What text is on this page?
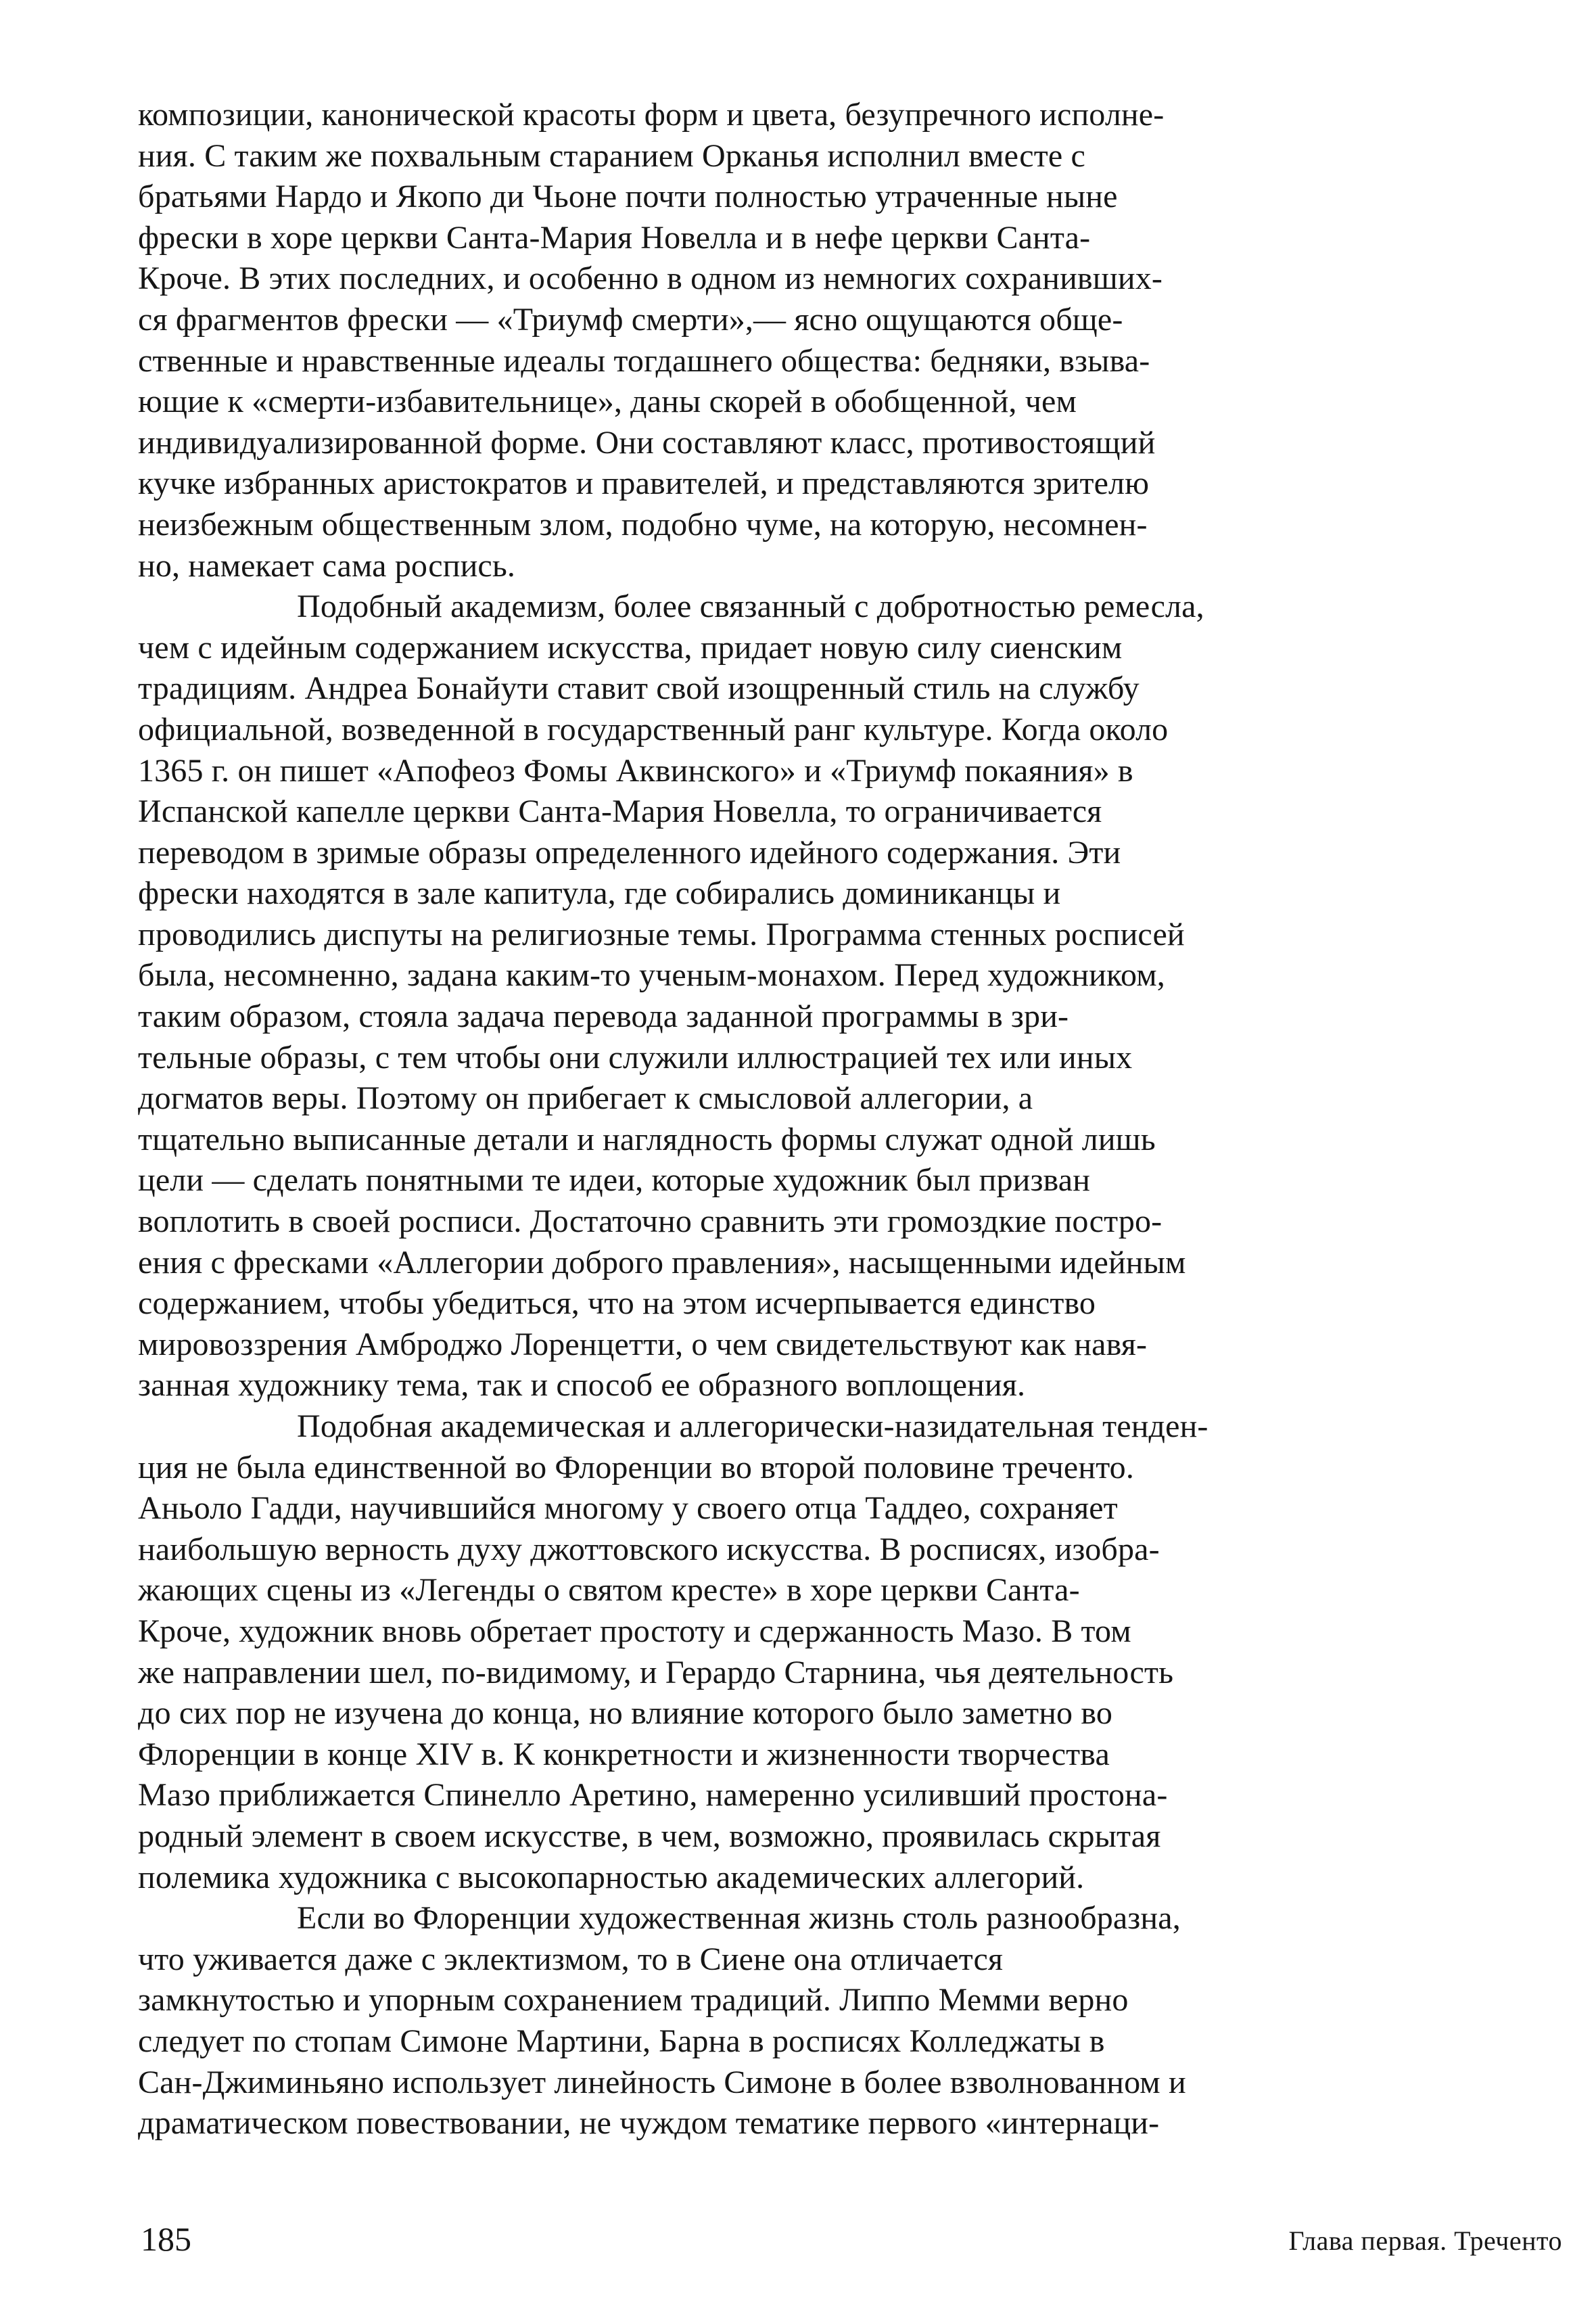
композиции, канонической красоты форм и цвета, безупречного исполне-
ния. С таким же похвальным старанием Орканья исполнил вместе с
братьями Нардо и Якопо ди Чьоне почти полностью утраченные ныне
фрески в хоре церкви Санта-Мария Новелла и в нефе церкви Санта-
Кроче. В этих последних, и особенно в одном из немногих сохранивших-
ся фрагментов фрески — «Триумф смерти»,— ясно ощущаются обще-
ственные и нравственные идеалы тогдашнего общества: бедняки, взыва-
ющие к «смерти-избавительнице», даны скорей в обобщенной, чем
индивидуализированной форме. Они составляют класс, противостоящий
кучке избранных аристократов и правителей, и представляются зрителю
неизбежным общественным злом, подобно чуме, на которую, несомнен-
но, намекает сама роспись.
Подобный академизм, более связанный с добротностью ремесла,
чем с идейным содержанием искусства, придает новую силу сиенским
традициям. Андреа Бонайути ставит свой изощренный стиль на службу
официальной, возведенной в государственный ранг культуре. Когда около
1365 г. он пишет «Апофеоз Фомы Аквинского» и «Триумф покаяния» в
Испанской капелле церкви Санта-Мария Новелла, то ограничивается
переводом в зримые образы определенного идейного содержания. Эти
фрески находятся в зале капитула, где собирались доминиканцы и
проводились диспуты на религиозные темы. Программа стенных росписей
была, несомненно, задана каким-то ученым-монахом. Перед художником,
таким образом, стояла задача перевода заданной программы в зри-
тельные образы, с тем чтобы они служили иллюстрацией тех или иных
догматов веры. Поэтому он прибегает к смысловой аллегории, а
тщательно выписанные детали и наглядность формы служат одной лишь
цели — сделать понятными те идеи, которые художник был призван
воплотить в своей росписи. Достаточно сравнить эти громоздкие постро-
ения с фресками «Аллегории доброго правления», насыщенными идейным
содержанием, чтобы убедиться, что на этом исчерпывается единство
мировоззрения Амброджо Лоренцетти, о чем свидетельствуют как навя-
занная художнику тема, так и способ ее образного воплощения.
Подобная академическая и аллегорически-назидательная тенден-
ция не была единственной во Флоренции во второй половине треченто.
Аньоло Гадди, научившийся многому у своего отца Таддео, сохраняет
наибольшую верность духу джоттовского искусства. В росписях, изобра-
жающих сцены из «Легенды о святом кресте» в хоре церкви Санта-
Кроче, художник вновь обретает простоту и сдержанность Мазо. В том
же направлении шел, по-видимому, и Герардо Старнина, чья деятельность
до сих пор не изучена до конца, но влияние которого было заметно во
Флоренции в конце XIV в. К конкретности и жизненности творчества
Мазо приближается Спинелло Аретино, намеренно усиливший простона-
родный элемент в своем искусстве, в чем, возможно, проявилась скрытая
полемика художника с высокопарностью академических аллегорий.
Если во Флоренции художественная жизнь столь разнообразна,
что уживается даже с эклектизмом, то в Сиене она отличается
замкнутостью и упорным сохранением традиций. Липпо Мемми верно
следует по стопам Симоне Мартини, Барна в росписях Колледжаты в
Сан-Джиминьяно использует линейность Симоне в более взволнованном и
драматическом повествовании, не чуждом тематике первого «интернаци-
185	Глава первая. Треченто
